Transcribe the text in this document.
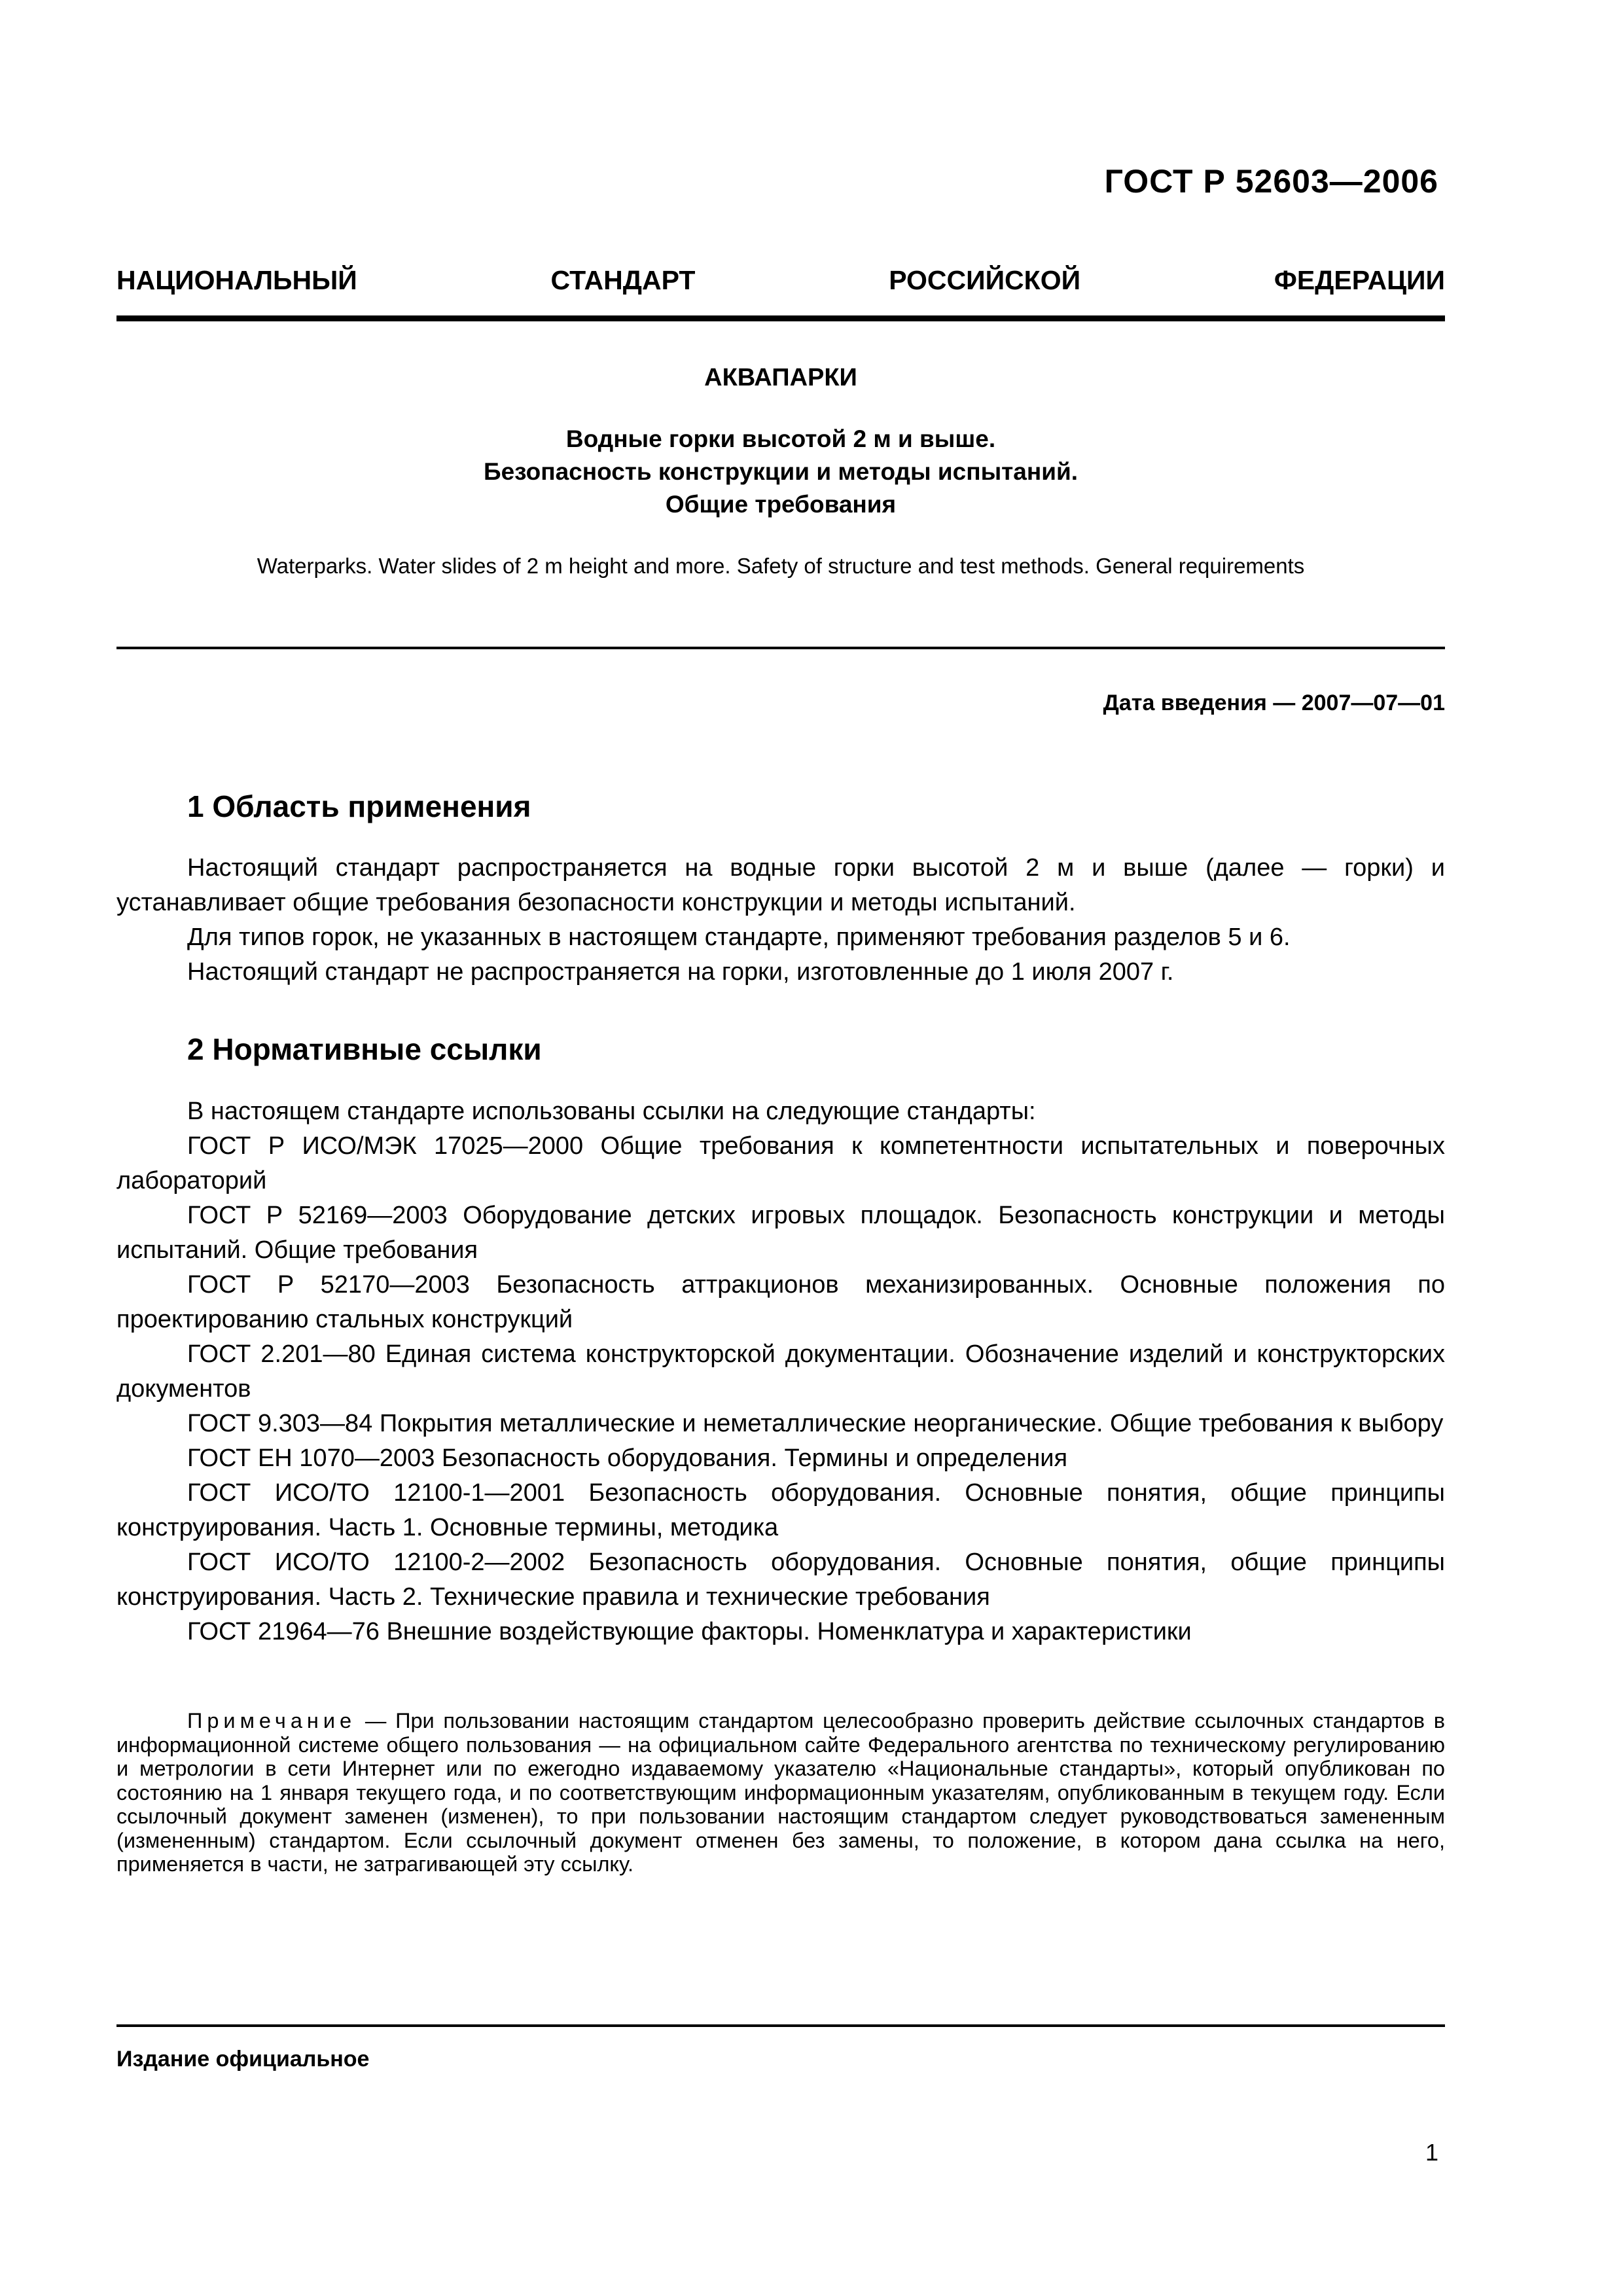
ГОСТ Р 52603—2006
НАЦИОНАЛЬНЫЙ	СТАНДАРТ	РОССИЙСКОЙ	ФЕДЕРАЦИИ
АКВАПАРКИ
Водные горки высотой 2 м и выше.
Безопасность конструкции и методы испытаний.
Общие требования
Waterparks. Water slides of 2 m height and more. Safety of structure and test methods. General requirements
Дата введения — 2007—07—01
1 Область применения

Настоящий стандарт распространяется на водные горки высотой 2 м и выше (далее — горки) и устанавливает общие требования безопасности конструкции и методы испытаний.

Для типов горок, не указанных в настоящем стандарте, применяют требования разделов 5 и 6.

Настоящий стандарт не распространяется на горки, изготовленные до 1 июля 2007 г.

2 Нормативные ссылки

В настоящем стандарте использованы ссылки на следующие стандарты:

ГОСТ Р ИСО/МЭК 17025—2000 Общие требования к компетентности испытательных и поверочных лабораторий

ГОСТ Р 52169—2003 Оборудование детских игровых площадок. Безопасность конструкции и методы испытаний. Общие требования

ГОСТ Р 52170—2003 Безопасность аттракционов механизированных. Основные положения по проектированию стальных конструкций

ГОСТ 2.201—80 Единая система конструкторской документации. Обозначение изделий и конструкторских документов

ГОСТ 9.303—84 Покрытия металлические и неметаллические неорганические. Общие требования к выбору

ГОСТ ЕН 1070—2003 Безопасность оборудования. Термины и определения

ГОСТ ИСО/ТО 12100-1—2001 Безопасность оборудования. Основные понятия, общие принципы конструирования. Часть 1. Основные термины, методика

ГОСТ ИСО/ТО 12100-2—2002 Безопасность оборудования. Основные понятия, общие принципы конструирования. Часть 2. Технические правила и технические требования

ГОСТ 21964—76 Внешние воздействующие факторы. Номенклатура и характеристики

Примечание — При пользовании настоящим стандартом целесообразно проверить действие ссылочных стандартов в информационной системе общего пользования — на официальном сайте Федерального агентства по техническому регулированию и метрологии в сети Интернет или по ежегодно издаваемому указателю «Национальные стандарты», который опубликован по состоянию на 1 января текущего года, и по соответствующим информационным указателям, опубликованным в текущем году. Если ссылочный документ заменен (изменен), то при пользовании настоящим стандартом следует руководствоваться замененным (измененным) стандартом. Если ссылочный документ отменен без замены, то положение, в котором дана ссылка на него, применяется в части, не затрагивающей эту ссылку.

Издание официальное
1
